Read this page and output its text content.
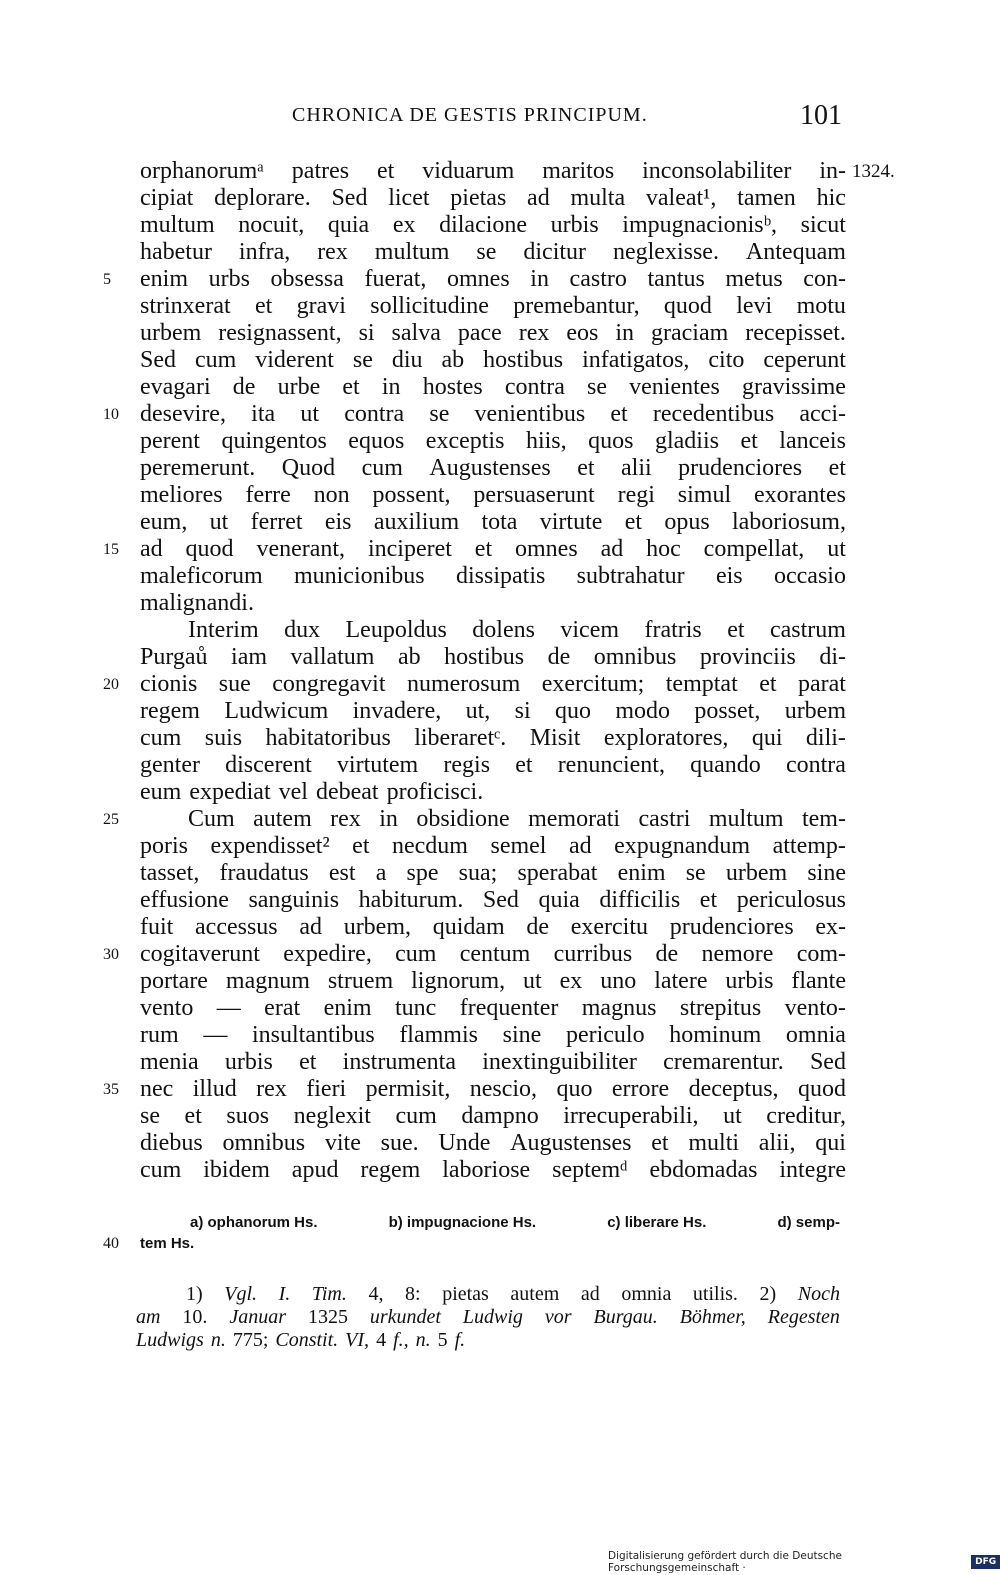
CHRONICA DE GESTIS PRINCIPUM.	101
1324.
orphanorumᵃ patres et viduarum maritos inconsolabiliter in-
cipiat deplorare. Sed licet pietas ad multa valeat¹, tamen hic
multum nocuit, quia ex dilacione urbis impugnacionisᵇ, sicut
habetur infra, rex multum se dicitur neglexisse. Antequam
5	enim urbs obsessa fuerat, omnes in castro tantus metus con-
strinxerat et gravi sollicitudine premebantur, quod levi motu
urbem resignassent, si salva pace rex eos in graciam recepisset.
Sed cum viderent se diu ab hostibus infatigatos, cito ceperunt
evagari de urbe et in hostes contra se venientes gravissime
10 desevire, ita ut contra se venientibus et recedentibus acci-
perent quingentos equos exceptis hiis, quos gladiis et lanceis
peremerunt. Quod cum Augustenses et alii prudenciores et
meliores ferre non possent, persuaserunt regi simul exorantes
eum, ut ferret eis auxilium tota virtute et opus laboriosum,
15 ad quod venerant, inciperet et omnes ad hoc compellat, ut
maleficorum municionibus dissipatis subtrahatur eis occasio
malignandi.
Interim dux Leupoldus dolens vicem fratris et castrum
Purgaů iam vallatum ab hostibus de omnibus provinciis di-
20 cionis sue congregavit numerosum exercitum; temptat et parat
regem Ludwicum invadere, ut, si quo modo posset, urbem
cum suis habitatoribus liberaretᶜ. Misit exploratores, qui dili-
genter discerent virtutem regis et renuncient, quando contra
eum expediat vel debeat proficisci.
25	Cum autem rex in obsidione memorati castri multum tem-
poris expendisset² et necdum semel ad expugnandum attemp-
tasset, fraudatus est a spe sua; sperabat enim se urbem sine
effusione sanguinis habiturum. Sed quia difficilis et periculosus
fuit accessus ad urbem, quidam de exercitu prudenciores ex-
30 cogitaverunt expedire, cum centum curribus de nemore com-
portare magnum struem lignorum, ut ex uno latere urbis flante
vento — erat enim tunc frequenter magnus strepitus vento-
rum — insultantibus flammis sine periculo hominum omnia
menia urbis et instrumenta inextinguibiliter cremarentur. Sed
35 nec illud rex fieri permisit, nescio, quo errore deceptus, quod
se et suos neglexit cum dampno irrecuperabili, ut creditur,
diebus omnibus vite sue. Unde Augustenses et multi alii, qui
cum ibidem apud regem laboriose septemᵈ ebdomadas integre
a) ophanorum Hs.	b) impugnacione Hs.	c) liberare Hs.	d) semp-
40 tem Hs.
1) Vgl. I. Tim. 4, 8: pietas autem ad omnia utilis. 2) Noch
am 10. Januar 1325 urkundet Ludwig vor Burgau. Böhmer, Regesten
Ludwigs n. 775; Constit. VI, 4 f., n. 5 f.
Digitalisierung gefördert durch die Deutsche Forschungsgemeinschaft ·	DFG
